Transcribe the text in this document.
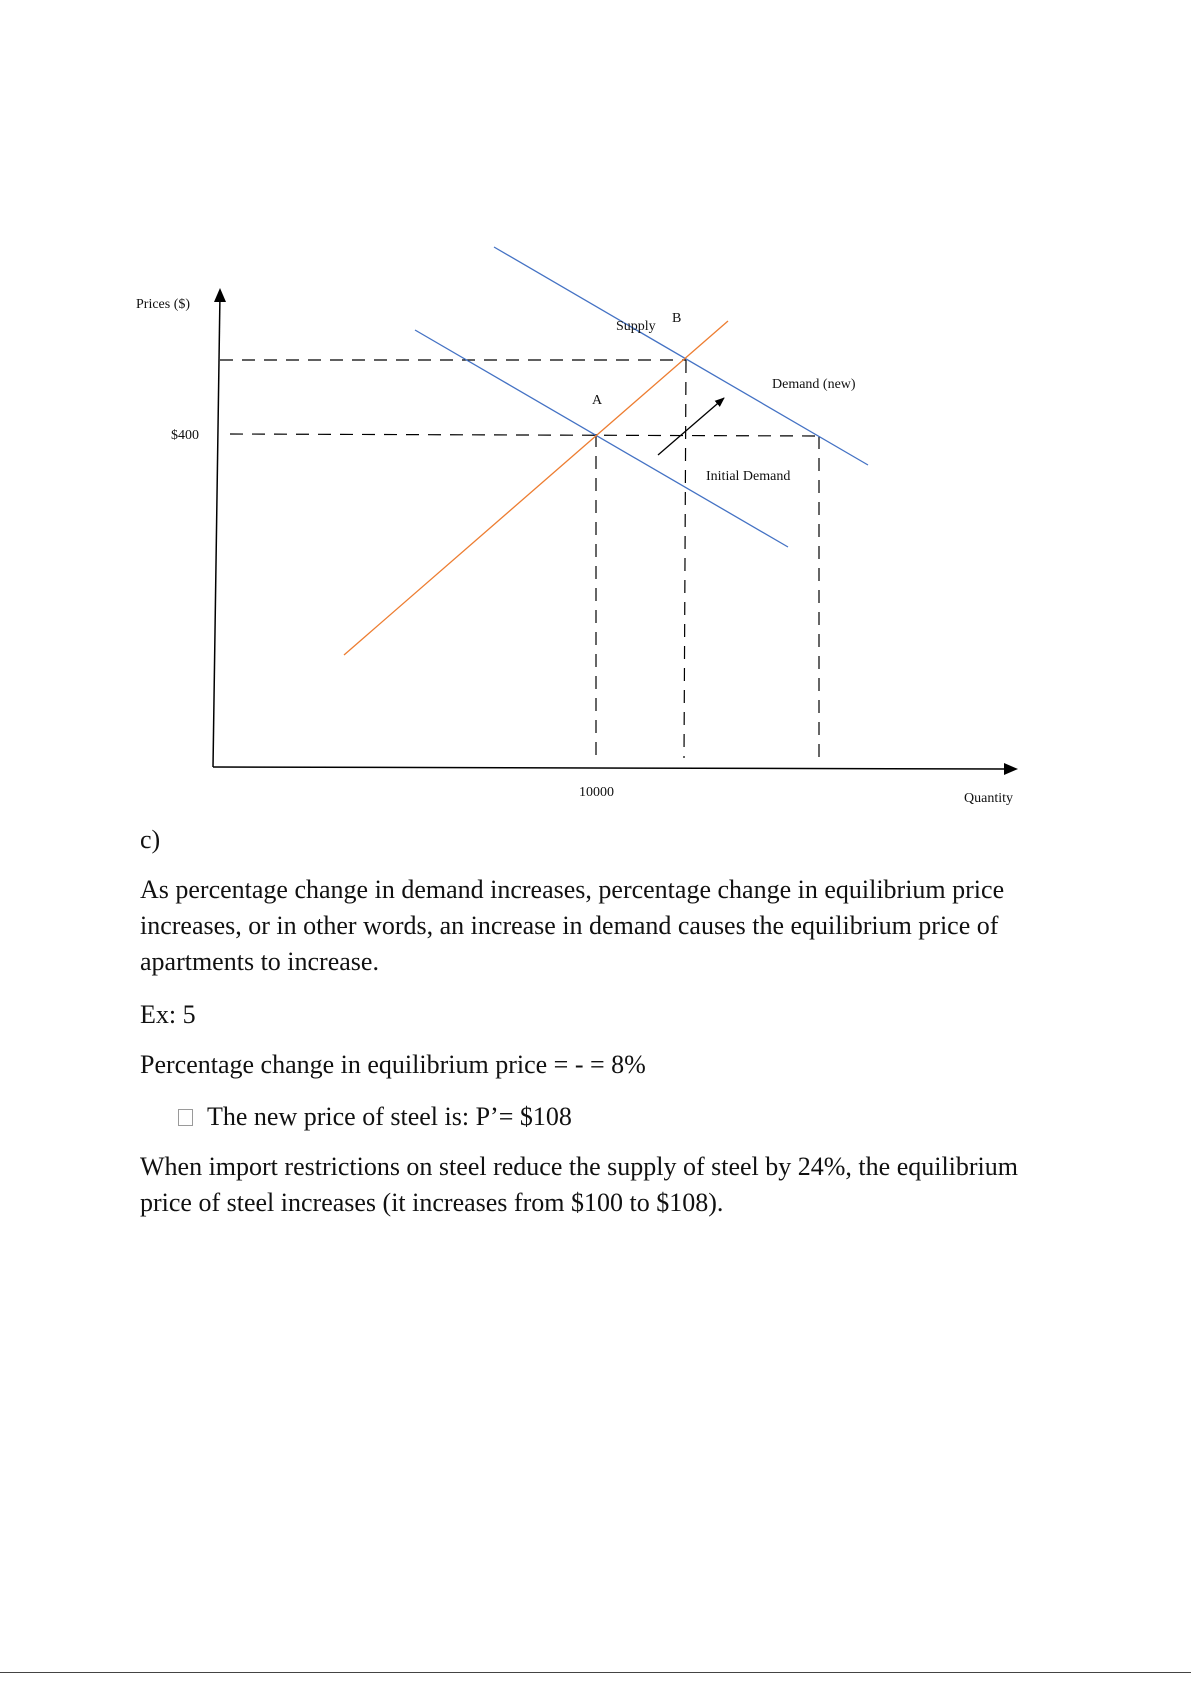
Prices ($)
Quantity
$400
10000
Supply
B
A
Demand (new)
Initial Demand

c)

As percentage change in demand increases, percentage change in equilibrium price increases, or in other words, an increase in demand causes the equilibrium price of apartments to increase.

Ex: 5

Percentage change in equilibrium price = - = 8%

The new price of steel is: P’= $108

When import restrictions on steel reduce the supply of steel by 24%, the equilibrium price of steel increases (it increases from $100 to $108).
